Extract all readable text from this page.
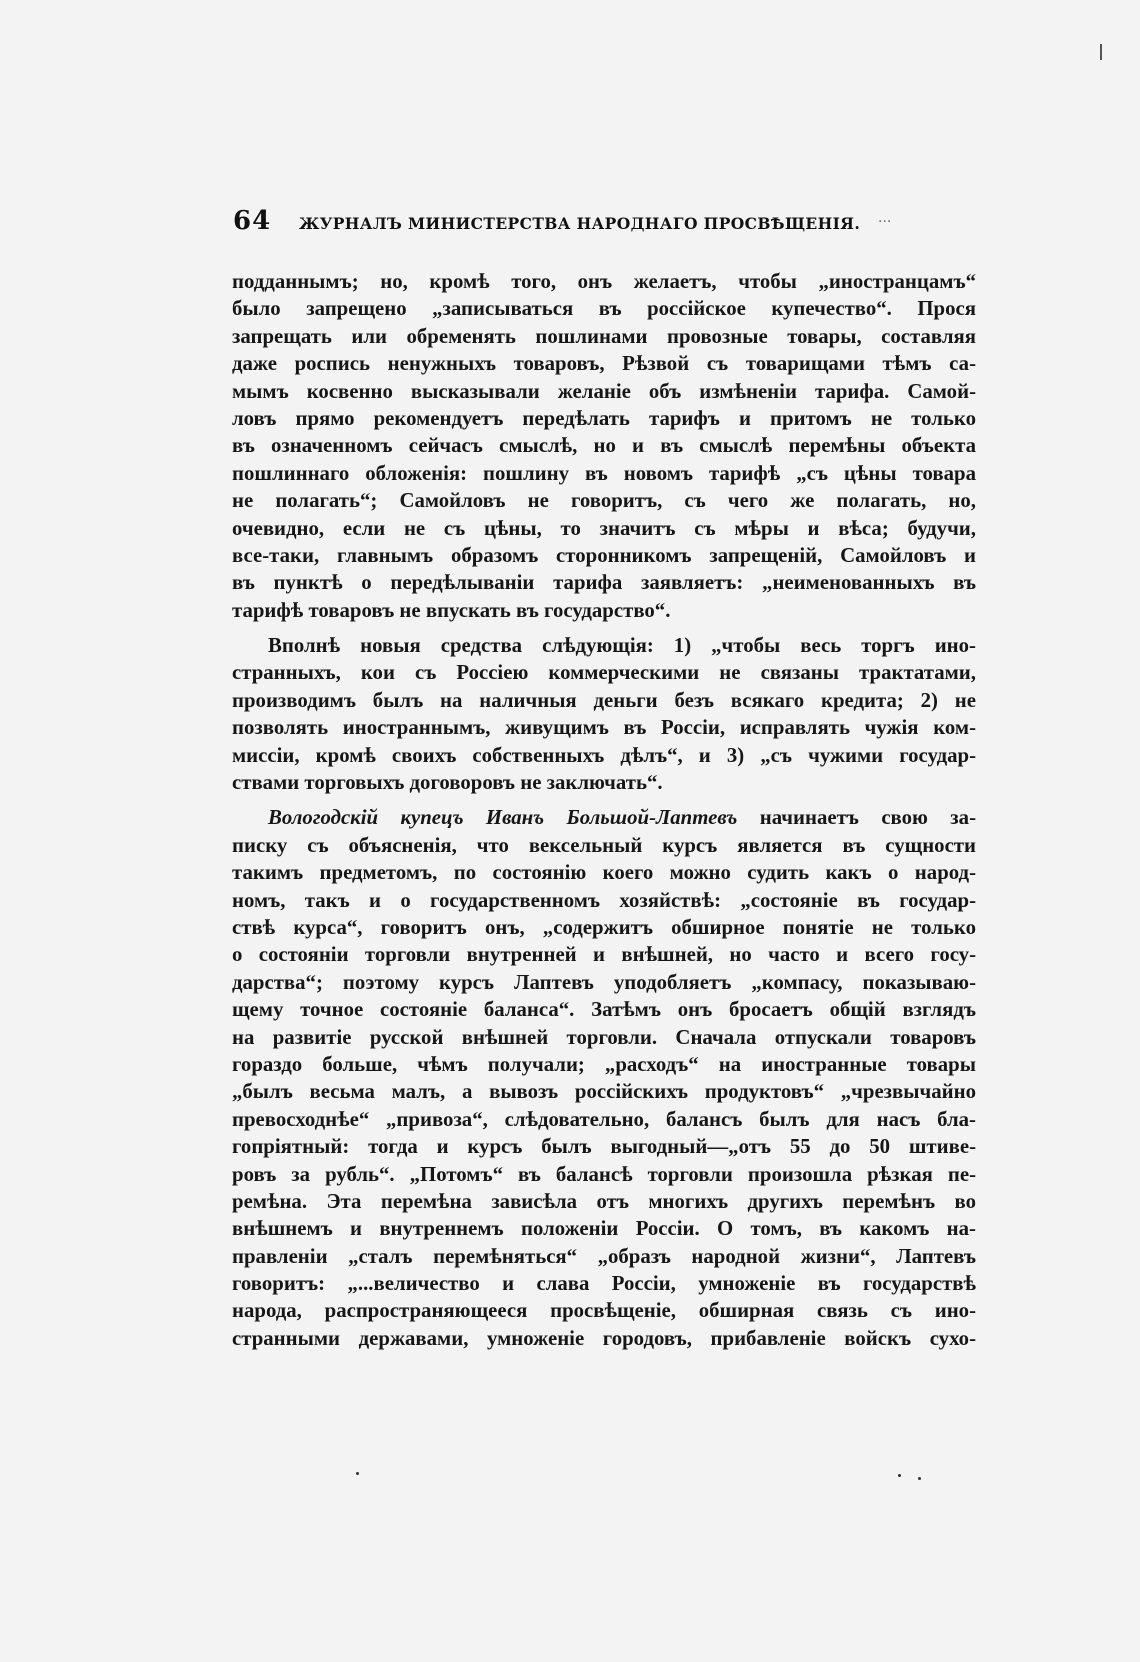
64 ЖУРНАЛЪ МИНИСТЕРСТВА НАРОДНАГО ПРОСВѢЩЕНІЯ. ···
подданнымъ; но, кромѣ того, онъ желаетъ, чтобы „иностранцамъ“
было запрещено „записываться въ россійское купечество“. Прося
запрещать или обременять пошлинами провозные товары, составляя
даже роспись ненужныхъ товаровъ, Рѣзвой съ товарищами тѣмъ са-
мымъ косвенно высказывали желаніе объ измѣненіи тарифа. Самой-
ловъ прямо рекомендуетъ передѣлать тарифъ и притомъ не только
въ означенномъ сейчасъ смыслѣ, но и въ смыслѣ перемѣны объекта
пошлиннаго обложенія: пошлину въ новомъ тарифѣ „съ цѣны товара
не полагать“; Самойловъ не говоритъ, съ чего же полагать, но,
очевидно, если не съ цѣны, то значитъ съ мѣры и вѣса; будучи,
все-таки, главнымъ образомъ сторонникомъ запрещеній, Самойловъ и
въ пунктѣ о передѣлываніи тарифа заявляетъ: „неименованныхъ въ
тарифѣ товаровъ не впускать въ государство“.
Вполнѣ новыя средства слѣдующія: 1) „чтобы весь торгъ ино-
странныхъ, кои съ Россіею коммерческими не связаны трактатами,
производимъ былъ на наличныя деньги безъ всякаго кредита; 2) не
позволять иностраннымъ, живущимъ въ Россіи, исправлять чужія ком-
миссіи, кромѣ своихъ собственныхъ дѣлъ“, и 3) „съ чужими государ-
ствами торговыхъ договоровъ не заключать“.
Вологодскій купецъ Иванъ Большой-Лаптевъ начинаетъ свою за-
писку съ объясненія, что вексельный курсъ является въ сущности
такимъ предметомъ, по состоянію коего можно судить какъ о народ-
номъ, такъ и о государственномъ хозяйствѣ: „состояніе въ государ-
ствѣ курса“, говоритъ онъ, „содержитъ обширное понятіе не только
о состояніи торговли внутренней и внѣшней, но часто и всего госу-
дарства“; поэтому курсъ Лаптевъ уподобляетъ „компасу, показываю-
щему точное состояніе баланса“. Затѣмъ онъ бросаетъ общій взглядъ
на развитіе русской внѣшней торговли. Сначала отпускали товаровъ
гораздо больше, чѣмъ получали; „расходъ“ на иностранные товары
„былъ весьма малъ, а вывозъ россійскихъ продуктовъ“ „чрезвычайно
превосходнѣе“ „привоза“, слѣдовательно, балансъ былъ для насъ бла-
гопріятный: тогда и курсъ былъ выгодный—„отъ 55 до 50 штиве-
ровъ за рубль“. „Потомъ“ въ балансѣ торговли произошла рѣзкая пе-
ремѣна. Эта перемѣна зависѣла отъ многихъ другихъ перемѣнъ во
внѣшнемъ и внутреннемъ положеніи Россіи. О томъ, въ какомъ на-
правленіи „сталъ перемѣняться“ „образъ народной жизни“, Лаптевъ
говоритъ: „...величество и слава Россіи, умноженіе въ государствѣ
народа, распространяющееся просвѣщеніе, обширная связь съ ино-
странными державами, умноженіе городовъ, прибавленіе войскъ сухо-
